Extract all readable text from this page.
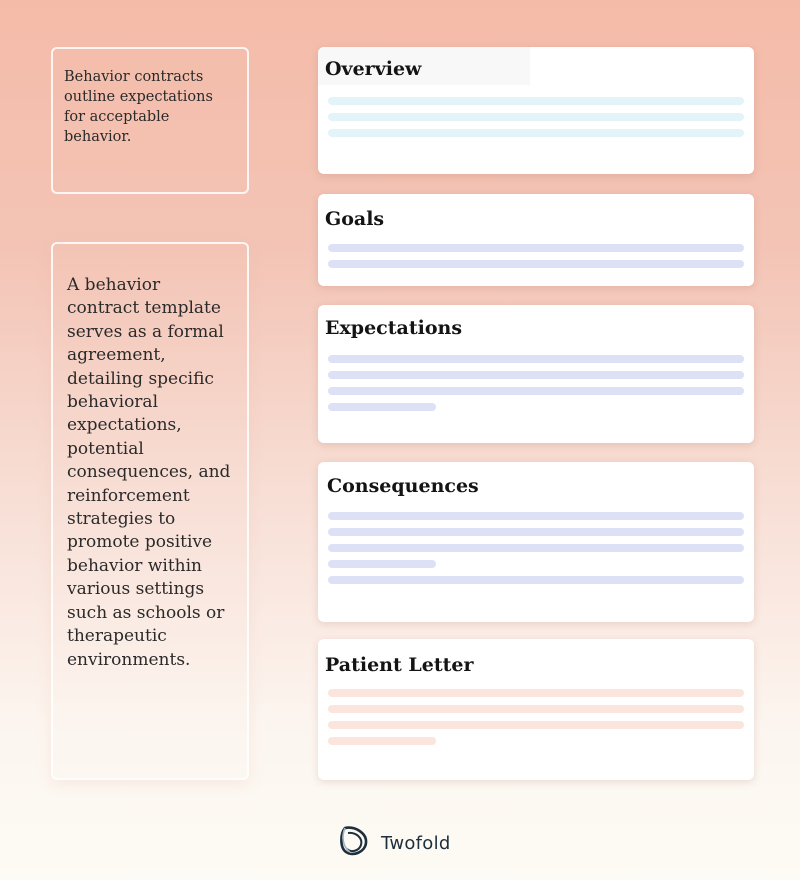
Behavior contracts outline expectations for acceptable behavior.
A behavior contract template serves as a formal agreement, detailing specific behavioral expectations, potential consequences, and reinforcement strategies to promote positive behavior within various settings such as schools or therapeutic environments.
Overview
Goals
Expectations
Consequences
Patient Letter
Twofold
